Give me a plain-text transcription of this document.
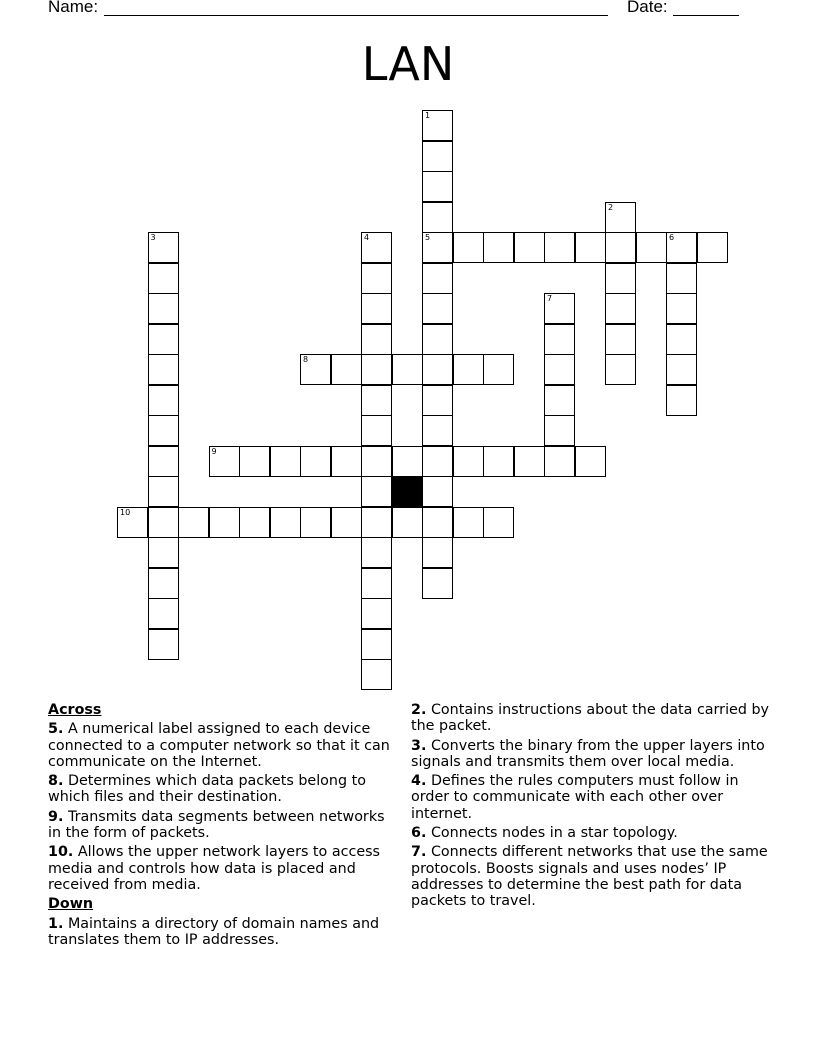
Name:	Date:
LAN
1
5
2
3	4	6
7
8
9
10
Across
5. A numerical label assigned to each device connected to a computer network so that it can communicate on the Internet.
8. Determines which data packets belong to which files and their destination.
9. Transmits data segments between networks in the form of packets.
10. Allows the upper network layers to access media and controls how data is placed and received from media.
Down
1. Maintains a directory of domain names and translates them to IP addresses.
2. Contains instructions about the data carried by the packet.
3. Converts the binary from the upper layers into signals and transmits them over local media.
4. Defines the rules computers must follow in order to communicate with each other over internet.
6. Connects nodes in a star topology.
7. Connects different networks that use the same protocols. Boosts signals and uses nodes’ IP addresses to determine the best path for data packets to travel.
